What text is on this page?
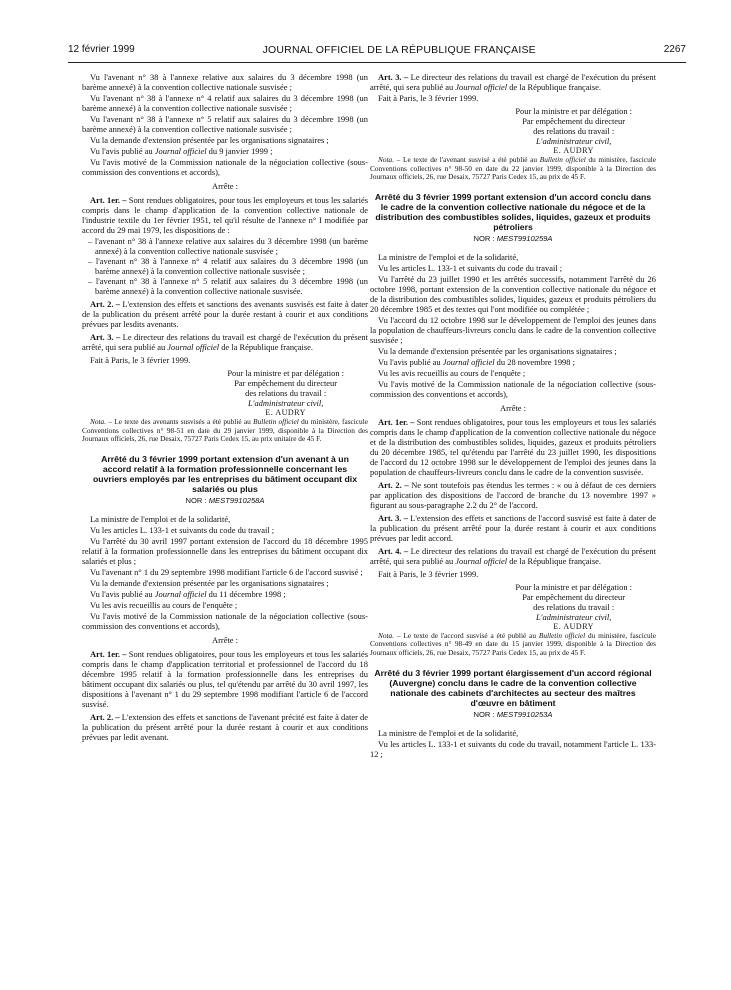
12 février 1999	JOURNAL OFFICIEL DE LA RÉPUBLIQUE FRANÇAISE	2267

Vu l'avenant n° 38 à l'annexe relative aux salaires du 3 décembre 1998 (un barème annexé) à la convention collective nationale susvisée ;

Vu l'avenant n° 38 à l'annexe n° 4 relatif aux salaires du 3 décembre 1998 (un barème annexé) à la convention collective nationale susvisée ;

Vu l'avenant n° 38 à l'annexe n° 5 relatif aux salaires du 3 décembre 1998 (un barème annexé) à la convention collective nationale susvisée ;

Vu la demande d'extension présentée par les organisations signataires ;

Vu l'avis publié au Journal officiel du 9 janvier 1999 ;

Vu l'avis motivé de la Commission nationale de la négociation collective (sous-commission des conventions et accords),

Arrête :

Art. 1er. – Sont rendues obligatoires, pour tous les employeurs et tous les salariés compris dans le champ d'application de la convention collective nationale de l'industrie textile du 1er février 1951, tel qu'il résulte de l'annexe n° I modifiée par accord du 29 mai 1979, les dispositions de :

– l'avenant n° 38 à l'annexe relative aux salaires du 3 décembre 1998 (un barème annexé) à la convention collective nationale susvisée ;

– l'avenant n° 38 à l'annexe n° 4 relatif aux salaires du 3 décembre 1998 (un barème annexé) à la convention collective nationale susvisée ;

– l'avenant n° 38 à l'annexe n° 5 relatif aux salaires du 3 décembre 1998 (un barème annexé) à la convention collective nationale susvisée.

Art. 2. – L'extension des effets et sanctions des avenants susvisés est faite à dater de la publication du présent arrêté pour la durée restant à courir et aux conditions prévues par lesdits avenants.

Art. 3. – Le directeur des relations du travail est chargé de l'exécution du présent arrêté, qui sera publié au Journal officiel de la République française.

Fait à Paris, le 3 février 1999.

Pour la ministre et par délégation :
Par empêchement du directeur
des relations du travail :
L'administrateur civil,
E. AUDRY

Nota. – Le texte des avenants susvisés a été publié au Bulletin officiel du ministère, fascicule Conventions collectives n° 98-51 en date du 29 janvier 1999, disponible à la Direction des Journaux officiels, 26, rue Desaix, 75727 Paris Cedex 15, au prix unitaire de 45 F.

Arrêté du 3 février 1999 portant extension d'un avenant à un accord relatif à la formation professionnelle concernant les ouvriers employés par les entreprises du bâtiment occupant dix salariés ou plus
NOR : MEST9910258A

La ministre de l'emploi et de la solidarité,

Vu les articles L. 133-1 et suivants du code du travail ;

Vu l'arrêté du 30 avril 1997 portant extension de l'accord du 18 décembre 1995 relatif à la formation professionnelle dans les entreprises du bâtiment occupant dix salariés et plus ;

Vu l'avenant n° 1 du 29 septembre 1998 modifiant l'article 6 de l'accord susvisé ;

Vu la demande d'extension présentée par les organisations signataires ;

Vu l'avis publié au Journal officiel du 11 décembre 1998 ;

Vu les avis recueillis au cours de l'enquête ;

Vu l'avis motivé de la Commission nationale de la négociation collective (sous-commission des conventions et accords),

Arrête :

Art. 1er. – Sont rendues obligatoires, pour tous les employeurs et tous les salariés compris dans le champ d'application territorial et professionnel de l'accord du 18 décembre 1995 relatif à la formation professionnelle dans les entreprises du bâtiment occupant dix salariés ou plus, tel qu'étendu par arrêté du 30 avril 1997, les dispositions à l'avenant n° 1 du 29 septembre 1998 modifiant l'article 6 de l'accord susvisé.

Art. 2. – L'extension des effets et sanctions de l'avenant précité est faite à dater de la publication du présent arrêté pour la durée restant à courir et aux conditions prévues par ledit avenant.

Art. 3. – Le directeur des relations du travail est chargé de l'exécution du présent arrêté, qui sera publié au Journal officiel de la République française.

Fait à Paris, le 3 février 1999.

Pour la ministre et par délégation :
Par empêchement du directeur
des relations du travail :
L'administrateur civil,
E. AUDRY

Nota. – Le texte de l'avenant susvisé a été publié au Bulletin officiel du ministère, fascicule Conventions collectives n° 98-50 en date du 22 janvier 1999, disponible à la Direction des Journaux officiels, 26, rue Desaix, 75727 Paris Cedex 15, au prix de 45 F.

Arrêté du 3 février 1999 portant extension d'un accord conclu dans le cadre de la convention collective nationale du négoce et de la distribution des combustibles solides, liquides, gazeux et produits pétroliers
NOR : MEST9910259A

La ministre de l'emploi et de la solidarité,

Vu les articles L. 133-1 et suivants du code du travail ;

Vu l'arrêté du 23 juillet 1990 et les arrêtés successifs, notamment l'arrêté du 26 octobre 1998, portant extension de la convention collective nationale du négoce et de la distribution des combustibles solides, liquides, gazeux et produits pétroliers du 20 décembre 1985 et des textes qui l'ont modifiée ou complétée ;

Vu l'accord du 12 octobre 1998 sur le développement de l'emploi des jeunes dans la population de chauffeurs-livreurs conclu dans le cadre de la convention collective susvisée ;

Vu la demande d'extension présentée par les organisations signataires ;

Vu l'avis publié au Journal officiel du 28 novembre 1998 ;

Vu les avis recueillis au cours de l'enquête ;

Vu l'avis motivé de la Commission nationale de la négociation collective (sous-commission des conventions et accords),

Arrête :

Art. 1er. – Sont rendues obligatoires, pour tous les employeurs et tous les salariés compris dans le champ d'application de la convention collective nationale du négoce et de la distribution des combustibles solides, liquides, gazeux et produits pétroliers du 20 décembre 1985, tel qu'étendu par l'arrêté du 23 juillet 1990, les dispositions de l'accord du 12 octobre 1998 sur le développement de l'emploi des jeunes dans la population de chauffeurs-livreurs conclu dans le cadre de la convention susvisée.

Art. 2. – Ne sont toutefois pas étendus les termes : « ou à défaut de ces derniers par application des dispositions de l'accord de branche du 13 novembre 1997 » figurant au sous-paragraphe 2.2 du 2° de l'accord.

Art. 3. – L'extension des effets et sanctions de l'accord susvisé est faite à dater de la publication du présent arrêté pour la durée restant à courir et aux conditions prévues par ledit accord.

Art. 4. – Le directeur des relations du travail est chargé de l'exécution du présent arrêté, qui sera publié au Journal officiel de la République française.

Fait à Paris, le 3 février 1999.

Pour la ministre et par délégation :
Par empêchement du directeur
des relations du travail :
L'administrateur civil,
E. AUDRY

Nota. – Le texte de l'accord susvisé a été publié au Bulletin officiel du ministère, fascicule Conventions collectives n° 98-49 en date du 15 janvier 1999, disponible à la Direction des Journaux officiels, 26, rue Desaix, 75727 Paris Cedex 15, au prix de 45 F.

Arrêté du 3 février 1999 portant élargissement d'un accord régional (Auvergne) conclu dans le cadre de la convention collective nationale des cabinets d'architectes au secteur des maîtres d'œuvre en bâtiment
NOR : MEST9910253A

La ministre de l'emploi et de la solidarité,

Vu les articles L. 133-1 et suivants du code du travail, notamment l'article L. 133-12 ;
